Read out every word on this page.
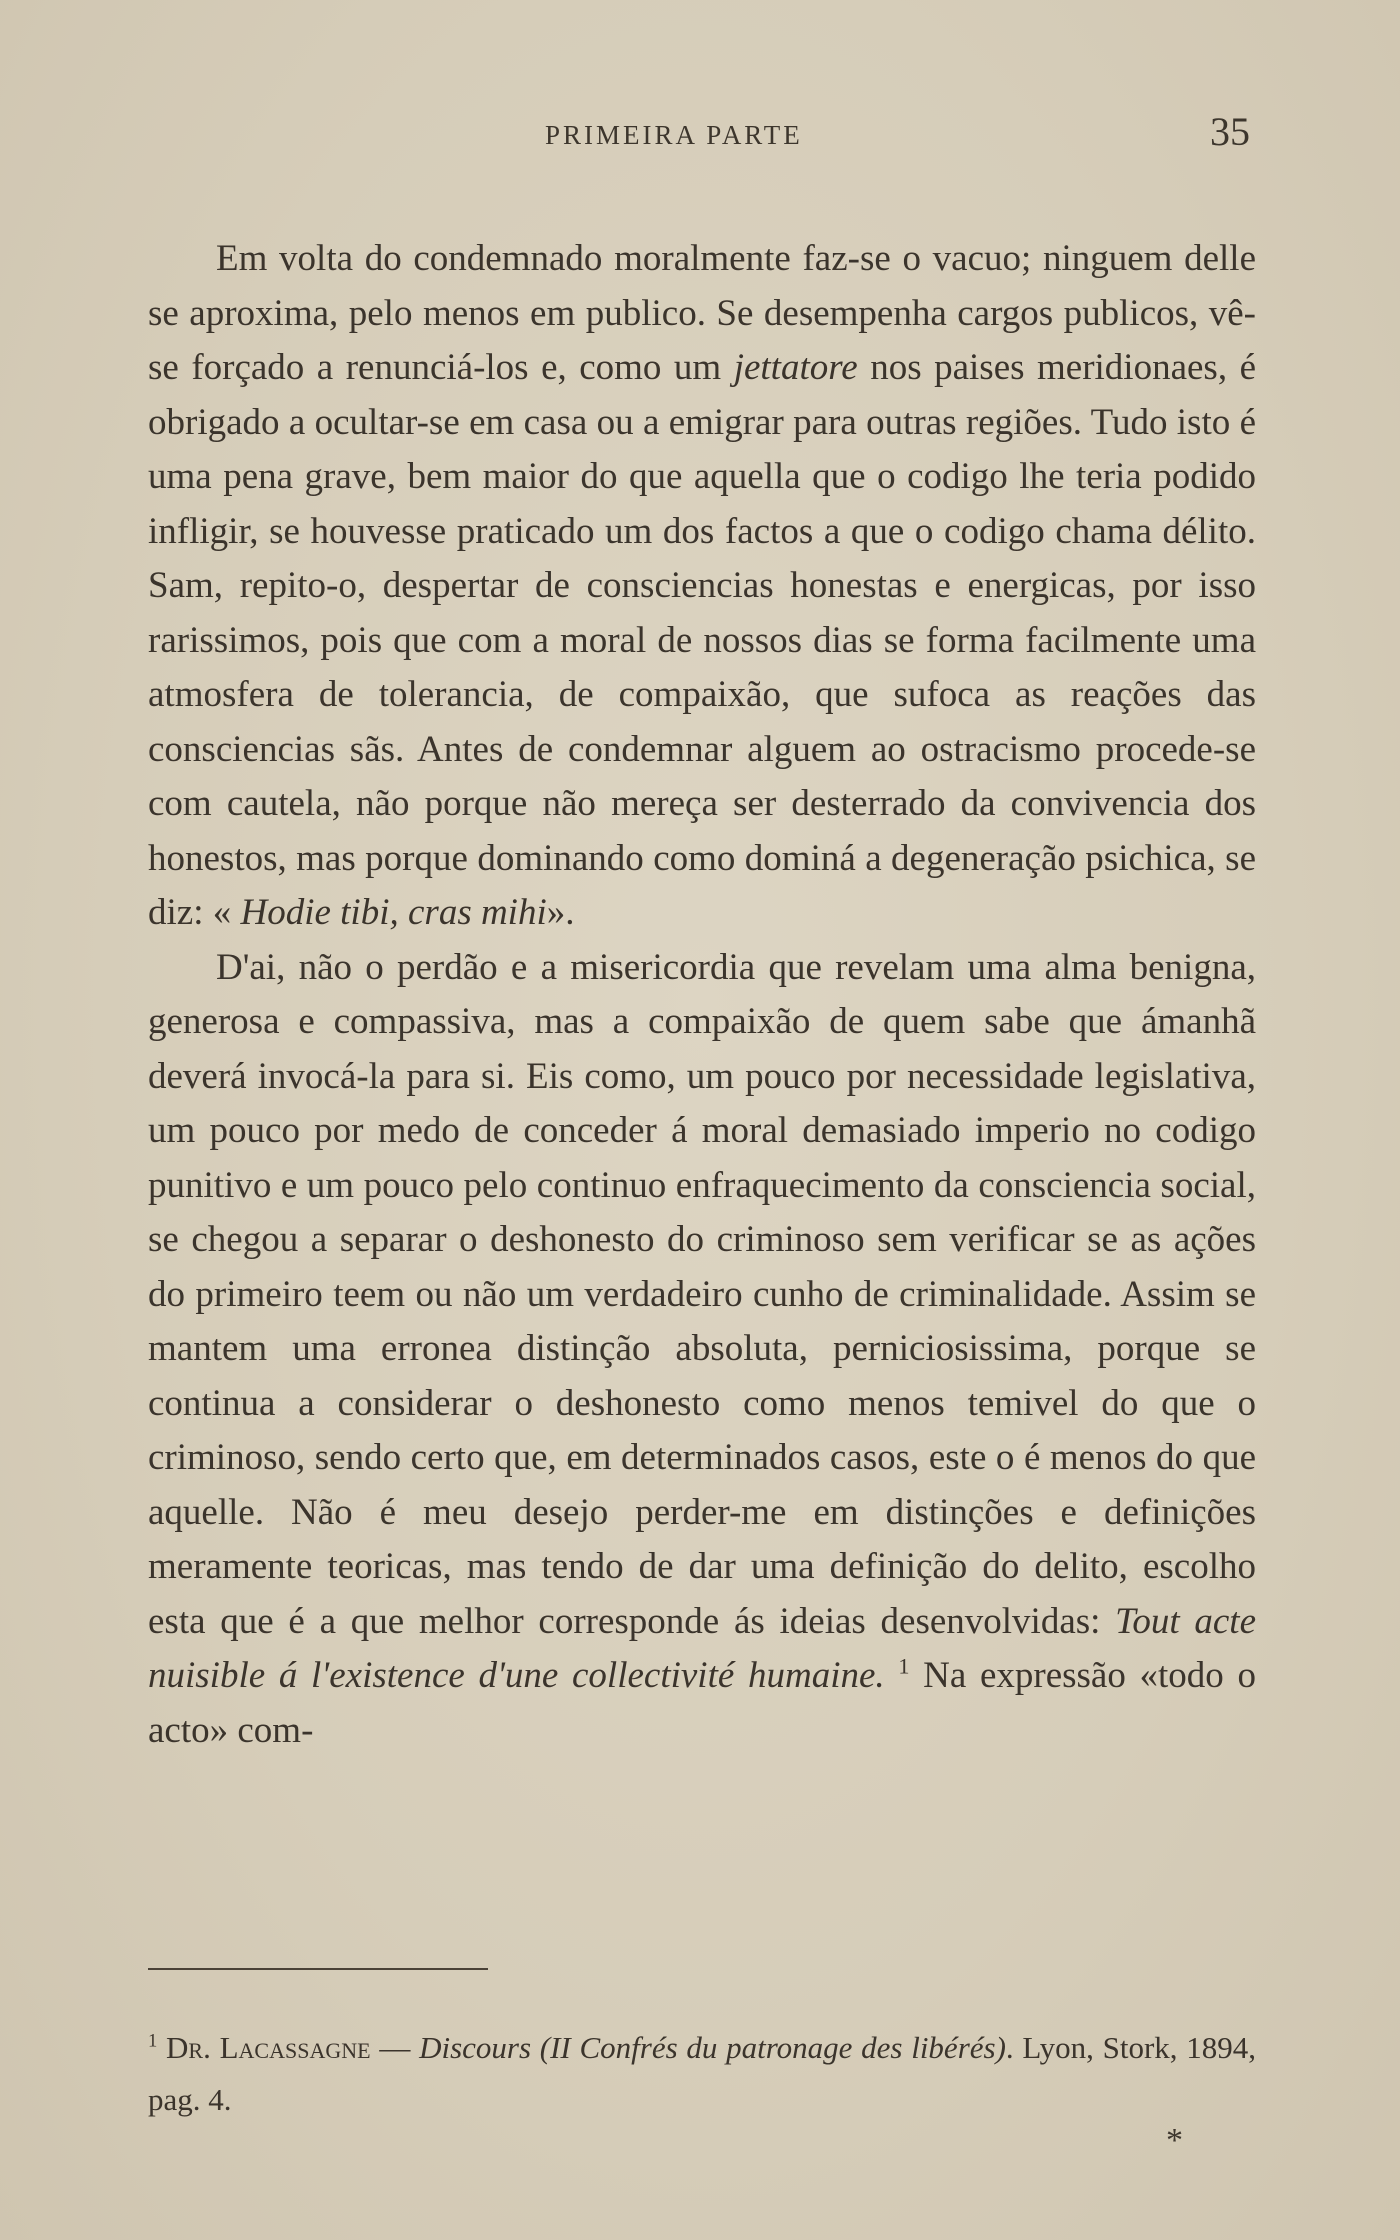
PRIMEIRA PARTE	35

Em volta do condemnado moralmente faz-se o vacuo; ninguem delle se aproxima, pelo menos em publico. Se desempenha cargos publicos, vê-se forçado a renunciá-los e, como um jettatore nos paises meridionaes, é obrigado a ocultar-se em casa ou a emigrar para outras regiões. Tudo isto é uma pena grave, bem maior do que aquella que o codigo lhe teria podido infligir, se houvesse praticado um dos factos a que o codigo chama délito. Sam, repito-o, despertar de consciencias honestas e energicas, por isso rarissimos, pois que com a moral de nossos dias se forma facilmente uma atmosfera de tolerancia, de compaixão, que sufoca as reações das consciencias sãs. Antes de condemnar alguem ao ostracismo procede-se com cautela, não porque não mereça ser desterrado da convivencia dos honestos, mas porque dominando como dominá a degeneração psichica, se diz: « Hodie tibi, cras mihi».

D'ai, não o perdão e a misericordia que revelam uma alma benigna, generosa e compassiva, mas a compaixão de quem sabe que ámanhã deverá invocá-la para si. Eis como, um pouco por necessidade legislativa, um pouco por medo de conceder á moral demasiado imperio no codigo punitivo e um pouco pelo continuo enfraquecimento da consciencia social, se chegou a separar o deshonesto do criminoso sem verificar se as ações do primeiro teem ou não um verdadeiro cunho de criminalidade. Assim se mantem uma erronea distinção absoluta, perniciosissima, porque se continua a considerar o deshonesto como menos temivel do que o criminoso, sendo certo que, em determinados casos, este o é menos do que aquelle. Não é meu desejo perder-me em distinções e definições meramente teoricas, mas tendo de dar uma definição do delito, escolho esta que é a que melhor corresponde ás ideias desenvolvidas: Tout acte nuisible á l'existence d'une collectivité humaine. $^1$ Na expressão «todo o acto» com-

$^1$ Dr. Lacassagne — Discours (II Confrés du patronage des libérés). Lyon, Stork, 1894, pag. 4.
*
